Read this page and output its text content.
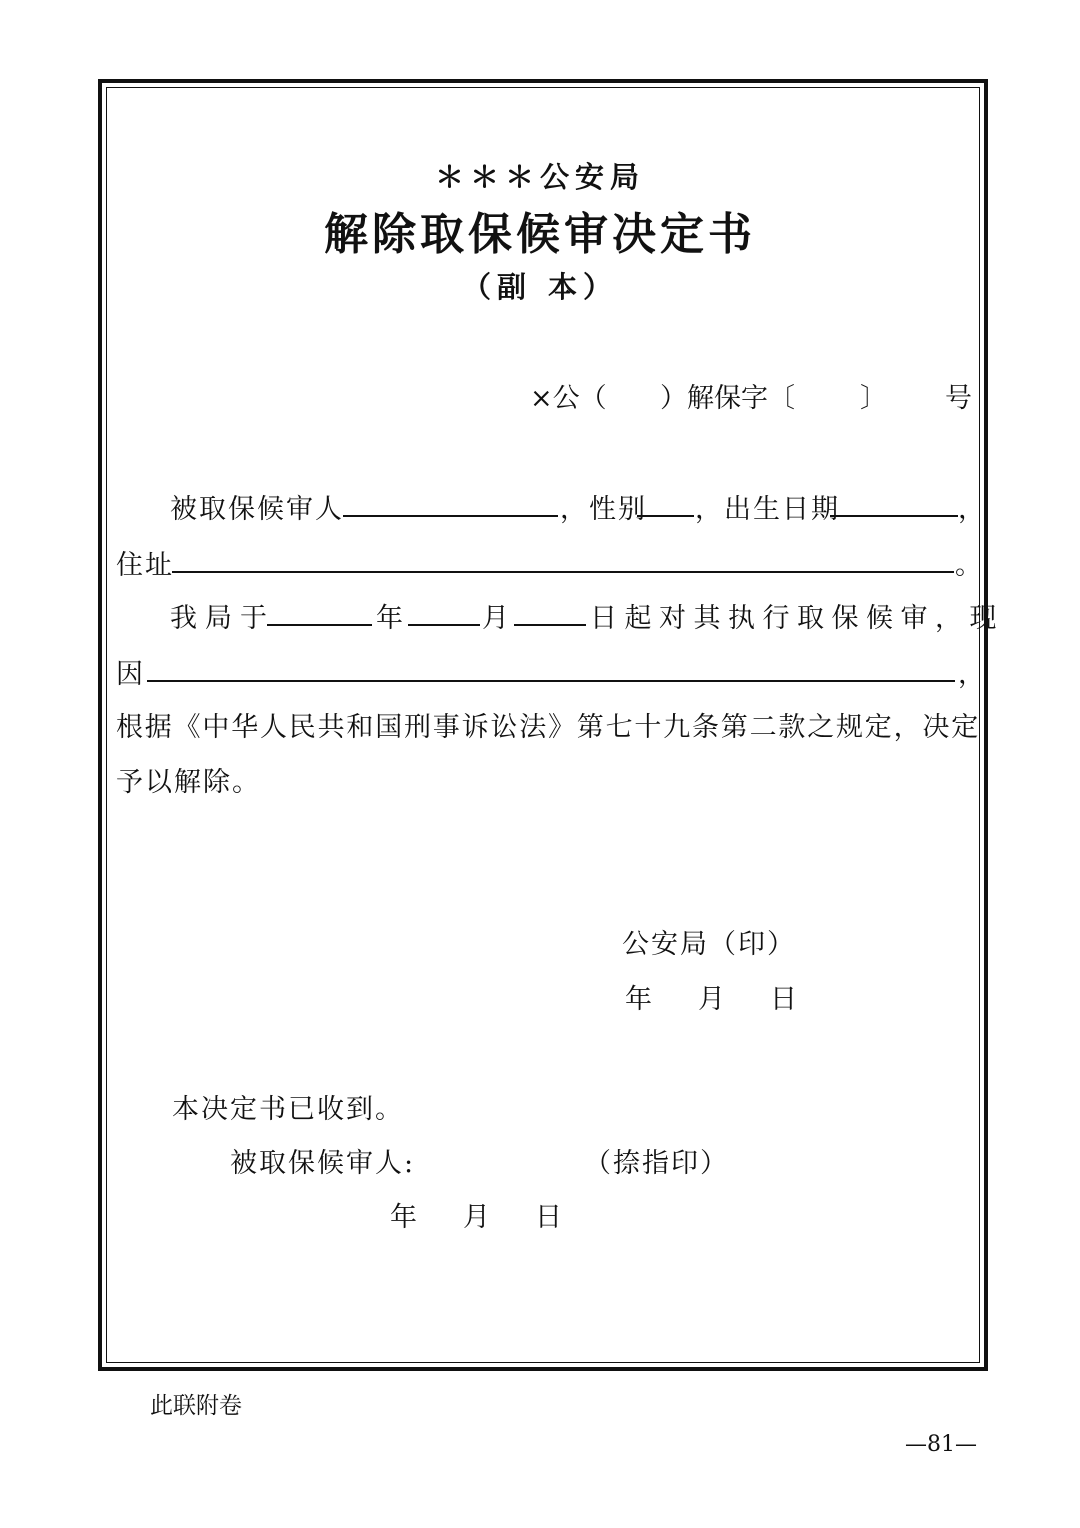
＊＊＊公安局
解除取保候审决定书
（副 本）
×公（ ）解保字〔 〕 号
被取保候审人	，性别 ，出生日期	，
住址	。
我局于	年	月	日起对其执行取保候审，现
因	，
根据《中华人民共和国刑事诉讼法》第七十九条第二款之规定，决定
予以解除。
公安局（印）
年 月 日
本决定书已收到。
被取保候审人:	（捺指印）
年 月 日
此联附卷
—81—
